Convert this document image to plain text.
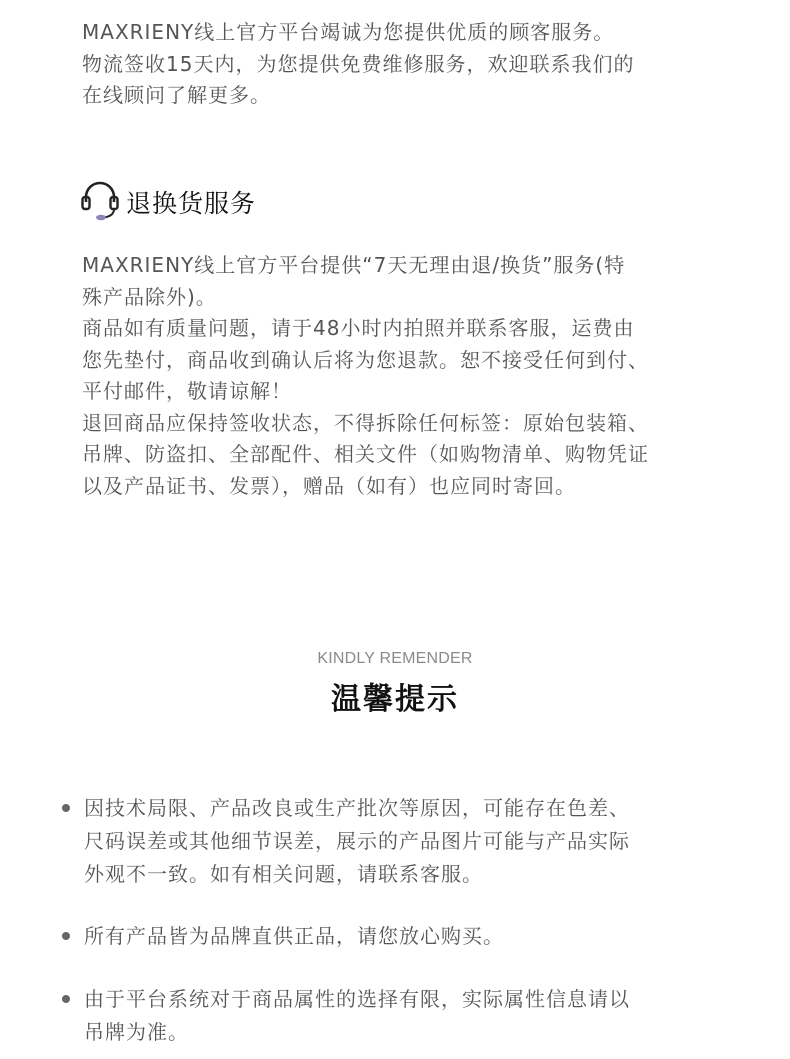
MAXRIENY线上官方平台竭诚为您提供优质的顾客服务。
物流签收15天内，为您提供免费维修服务，欢迎联系我们的
在线顾问了解更多。

退换货服务

MAXRIENY线上官方平台提供“7天无理由退/换货”服务(特
殊产品除外)。
商品如有质量问题，请于48小时内拍照并联系客服，运费由
您先垫付，商品收到确认后将为您退款。恕不接受任何到付、
平付邮件，敬请谅解！
退回商品应保持签收状态，不得拆除任何标签：原始包装箱、
吊牌、防盗扣、全部配件、相关文件（如购物清单、购物凭证
以及产品证书、发票），赠品（如有）也应同时寄回。

KINDLY REMENDER
温馨提示
因技术局限、产品改良或生产批次等原因，可能存在色差、
尺码误差或其他细节误差，展示的产品图片可能与产品实际
外观不一致。如有相关问题，请联系客服。
所有产品皆为品牌直供正品，请您放心购买。
由于平台系统对于商品属性的选择有限，实际属性信息请以
吊牌为准。
